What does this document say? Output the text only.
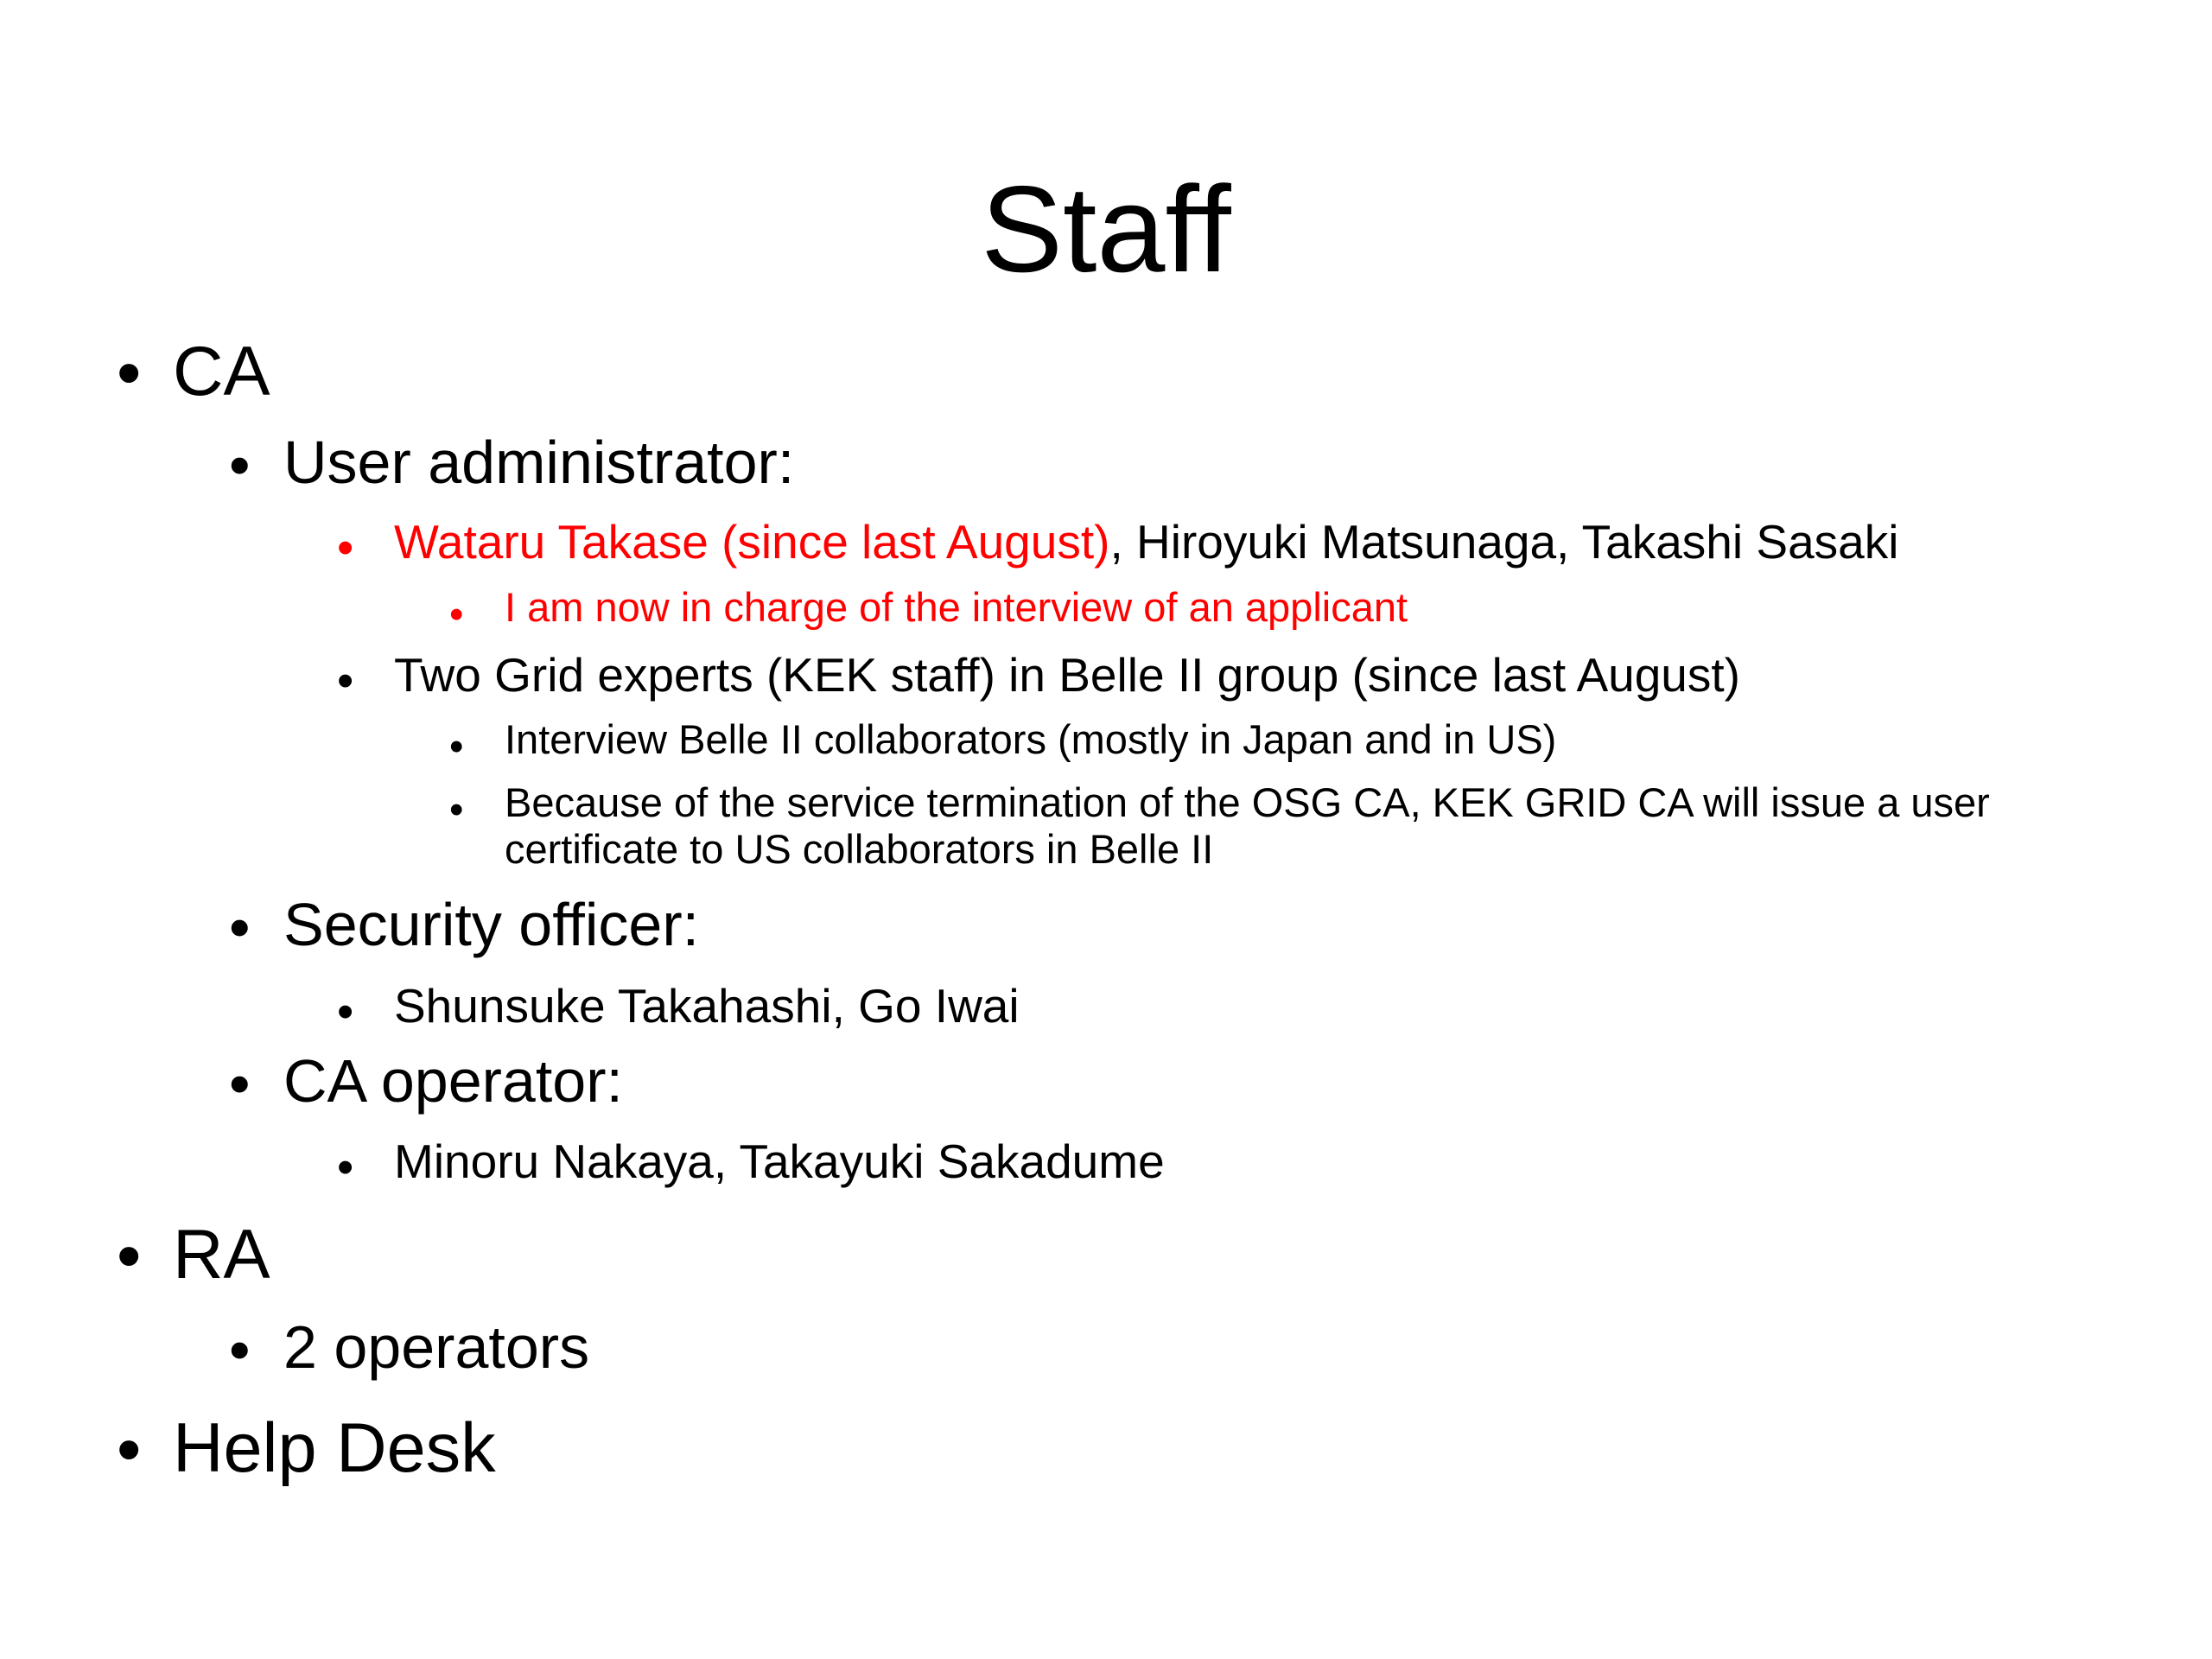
Staff
• CA
• User administrator:
• Wataru Takase (since last August), Hiroyuki Matsunaga, Takashi Sasaki
• I am now in charge of the interview of an applicant
• Two Grid experts (KEK staff) in Belle II group (since last August)
• Interview Belle II collaborators (mostly in Japan and in US)
• Because of the service termination of the OSG CA, KEK GRID CA will issue a user certificate to US collaborators in Belle II
• Security officer:
• Shunsuke Takahashi, Go Iwai
• CA operator:
• Minoru Nakaya, Takayuki Sakadume
• RA
• 2 operators
• Help Desk
